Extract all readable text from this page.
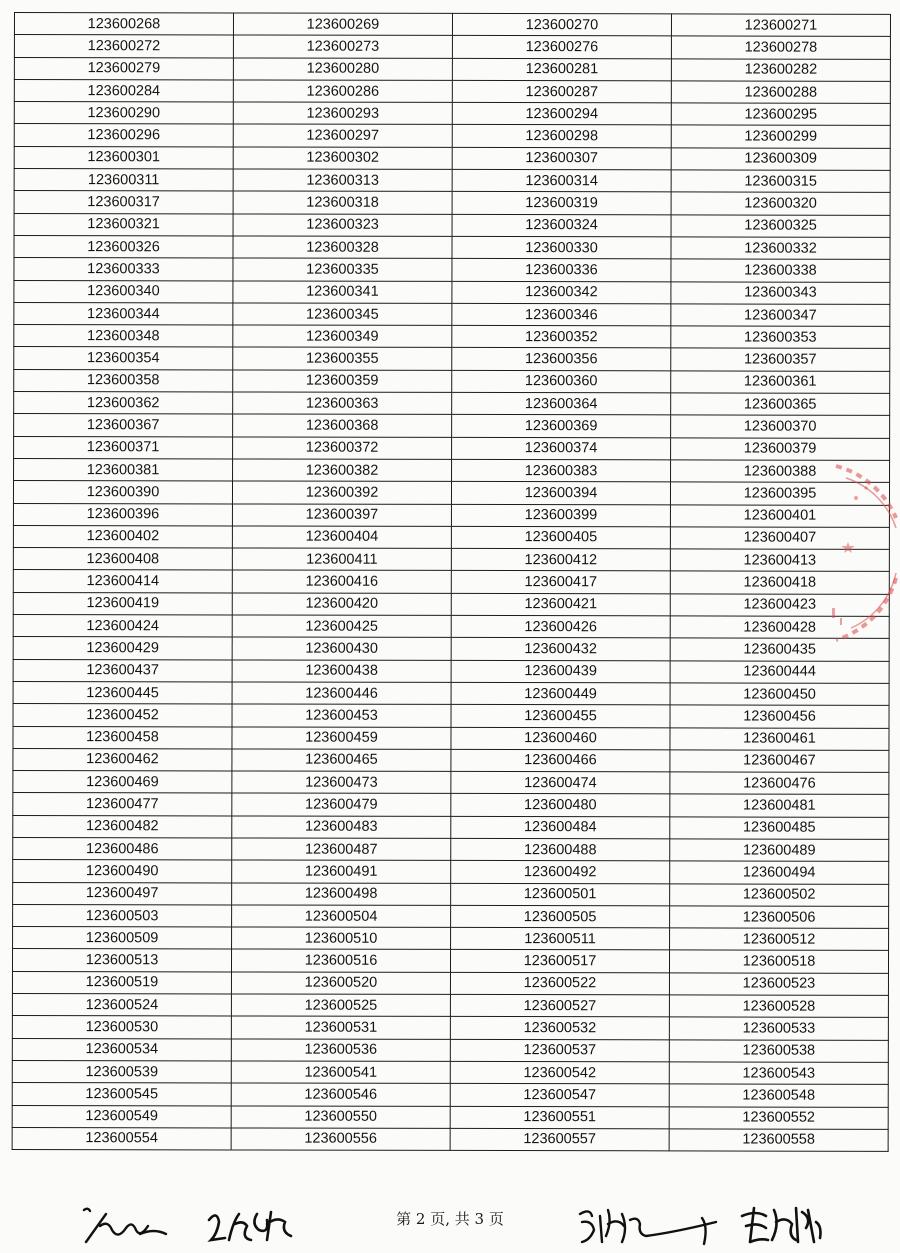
123600268	123600269	123600270	123600271
123600272	123600273	123600276	123600278
123600279	123600280	123600281	123600282
123600284	123600286	123600287	123600288
123600290	123600293	123600294	123600295
123600296	123600297	123600298	123600299
123600301	123600302	123600307	123600309
123600311	123600313	123600314	123600315
123600317	123600318	123600319	123600320
123600321	123600323	123600324	123600325
123600326	123600328	123600330	123600332
123600333	123600335	123600336	123600338
123600340	123600341	123600342	123600343
123600344	123600345	123600346	123600347
123600348	123600349	123600352	123600353
123600354	123600355	123600356	123600357
123600358	123600359	123600360	123600361
123600362	123600363	123600364	123600365
123600367	123600368	123600369	123600370
123600371	123600372	123600374	123600379
123600381	123600382	123600383	123600388
123600390	123600392	123600394	123600395
123600396	123600397	123600399	123600401
123600402	123600404	123600405	123600407
123600408	123600411	123600412	123600413
123600414	123600416	123600417	123600418
123600419	123600420	123600421	123600423
123600424	123600425	123600426	123600428
123600429	123600430	123600432	123600435
123600437	123600438	123600439	123600444
123600445	123600446	123600449	123600450
123600452	123600453	123600455	123600456
123600458	123600459	123600460	123600461
123600462	123600465	123600466	123600467
123600469	123600473	123600474	123600476
123600477	123600479	123600480	123600481
123600482	123600483	123600484	123600485
123600486	123600487	123600488	123600489
123600490	123600491	123600492	123600494
123600497	123600498	123600501	123600502
123600503	123600504	123600505	123600506
123600509	123600510	123600511	123600512
123600513	123600516	123600517	123600518
123600519	123600520	123600522	123600523
123600524	123600525	123600527	123600528
123600530	123600531	123600532	123600533
123600534	123600536	123600537	123600538
123600539	123600541	123600542	123600543
123600545	123600546	123600547	123600548
123600549	123600550	123600551	123600552
123600554	123600556	123600557	123600558
第 2 页, 共 3 页
